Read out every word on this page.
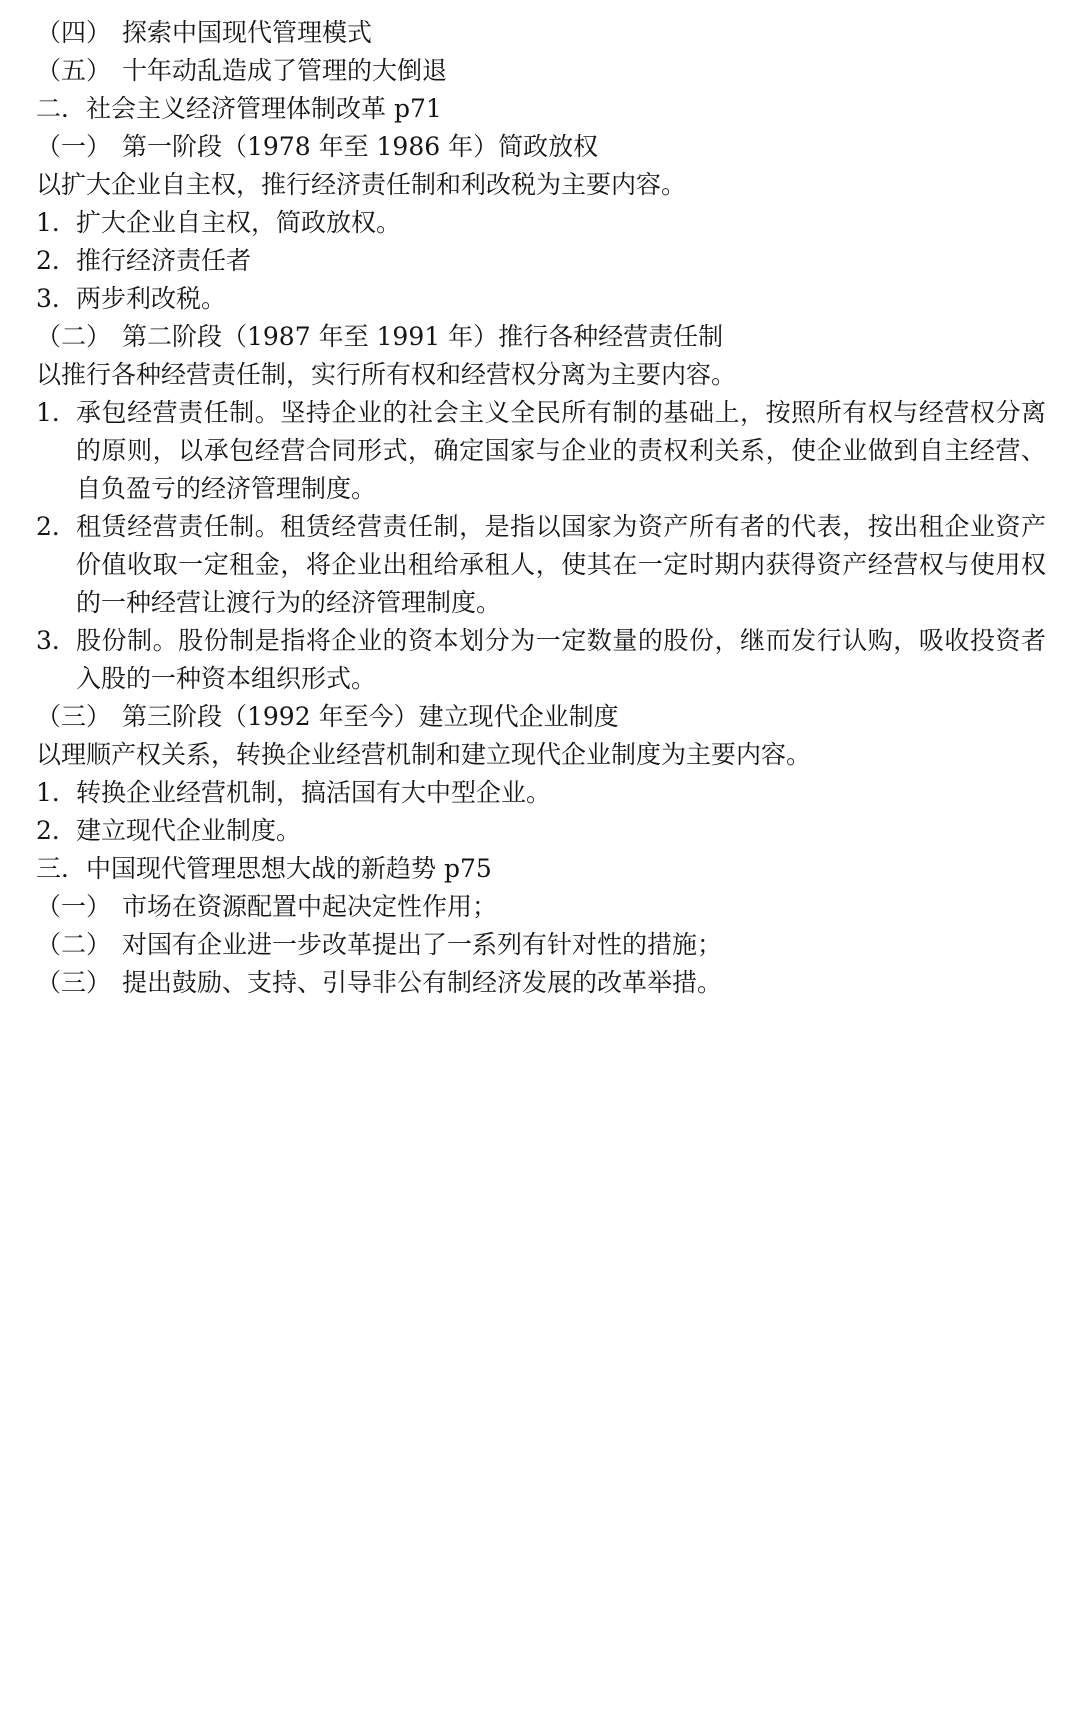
（四） 探索中国现代管理模式
（五） 十年动乱造成了管理的大倒退
二．社会主义经济管理体制改革 p71
（一） 第一阶段（1978 年至 1986 年）简政放权
以扩大企业自主权，推行经济责任制和利改税为主要内容。
1． 扩大企业自主权，简政放权。
2． 推行经济责任者
3． 两步利改税。
（二） 第二阶段（1987 年至 1991 年）推行各种经营责任制
以推行各种经营责任制，实行所有权和经营权分离为主要内容。
1． 承包经营责任制。坚持企业的社会主义全民所有制的基础上，按照所有权与经营权分离的原则，以承包经营合同形式，确定国家与企业的责权利关系，使企业做到自主经营、自负盈亏的经济管理制度。
2． 租赁经营责任制。租赁经营责任制，是指以国家为资产所有者的代表，按出租企业资产价值收取一定租金，将企业出租给承租人，使其在一定时期内获得资产经营权与使用权的一种经营让渡行为的经济管理制度。
3． 股份制。股份制是指将企业的资本划分为一定数量的股份，继而发行认购，吸收投资者入股的一种资本组织形式。
（三） 第三阶段（1992 年至今）建立现代企业制度
以理顺产权关系，转换企业经营机制和建立现代企业制度为主要内容。
1． 转换企业经营机制，搞活国有大中型企业。
2． 建立现代企业制度。
三．中国现代管理思想大战的新趋势 p75
（一） 市场在资源配置中起决定性作用；
（二） 对国有企业进一步改革提出了一系列有针对性的措施；
（三） 提出鼓励、支持、引导非公有制经济发展的改革举措。
